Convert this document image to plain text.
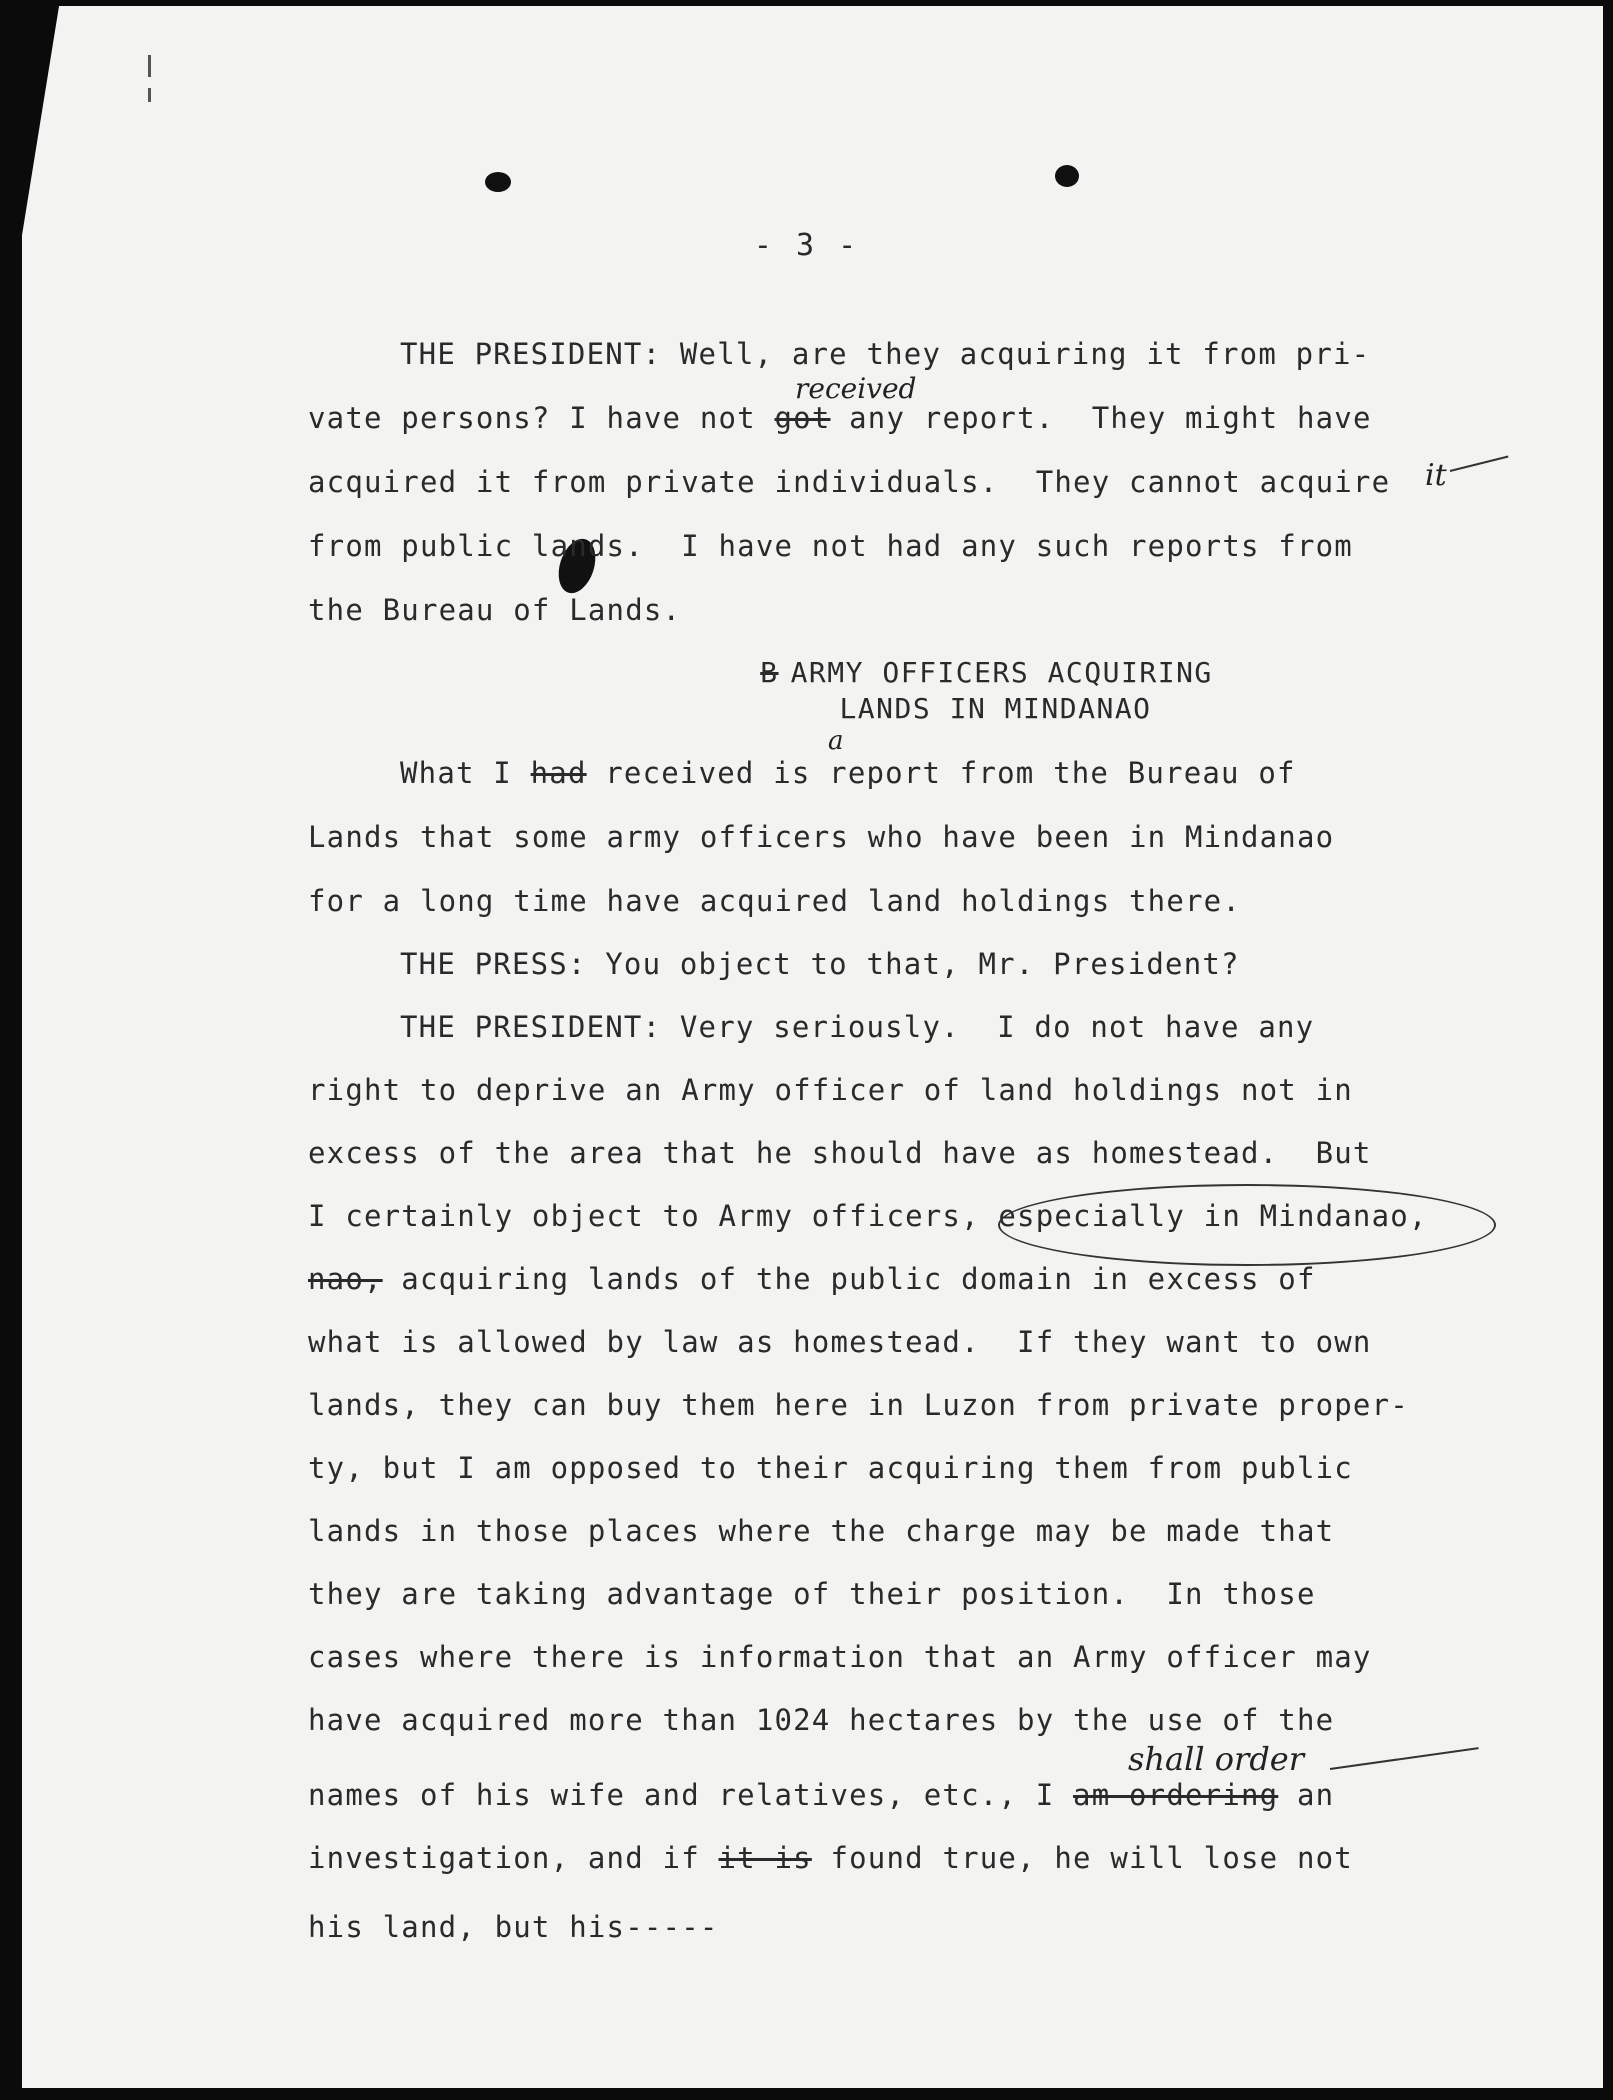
- 3 -
THE PRESIDENT: Well, are they acquiring it from pri-
vate persons? I have not got any report.  They might have
received
acquired it from private individuals.  They cannot acquire it
from public lands.  I have not had any such reports from
the Bureau of Lands.
B ARMY OFFICERS ACQUIRING
LANDS IN MINDANAO
What I had received is report from the Bureau of
a
Lands that some army officers who have been in Mindanao
for a long time have acquired land holdings there.
THE PRESS: You object to that, Mr. President?
THE PRESIDENT: Very seriously.  I do not have any
right to deprive an Army officer of land holdings not in
excess of the area that he should have as homestead.  But
I certainly object to Army officers, especially in Mindanao,
nao, acquiring lands of the public domain in excess of
what is allowed by law as homestead.  If they want to own
lands, they can buy them here in Luzon from private proper-
ty, but I am opposed to their acquiring them from public
lands in those places where the charge may be made that
they are taking advantage of their position.  In those
cases where there is information that an Army officer may
have acquired more than 1024 hectares by the use of the
names of his wife and relatives, etc., I am ordering an
shall order
investigation, and if it is found true, he will lose not
his land, but his-----
